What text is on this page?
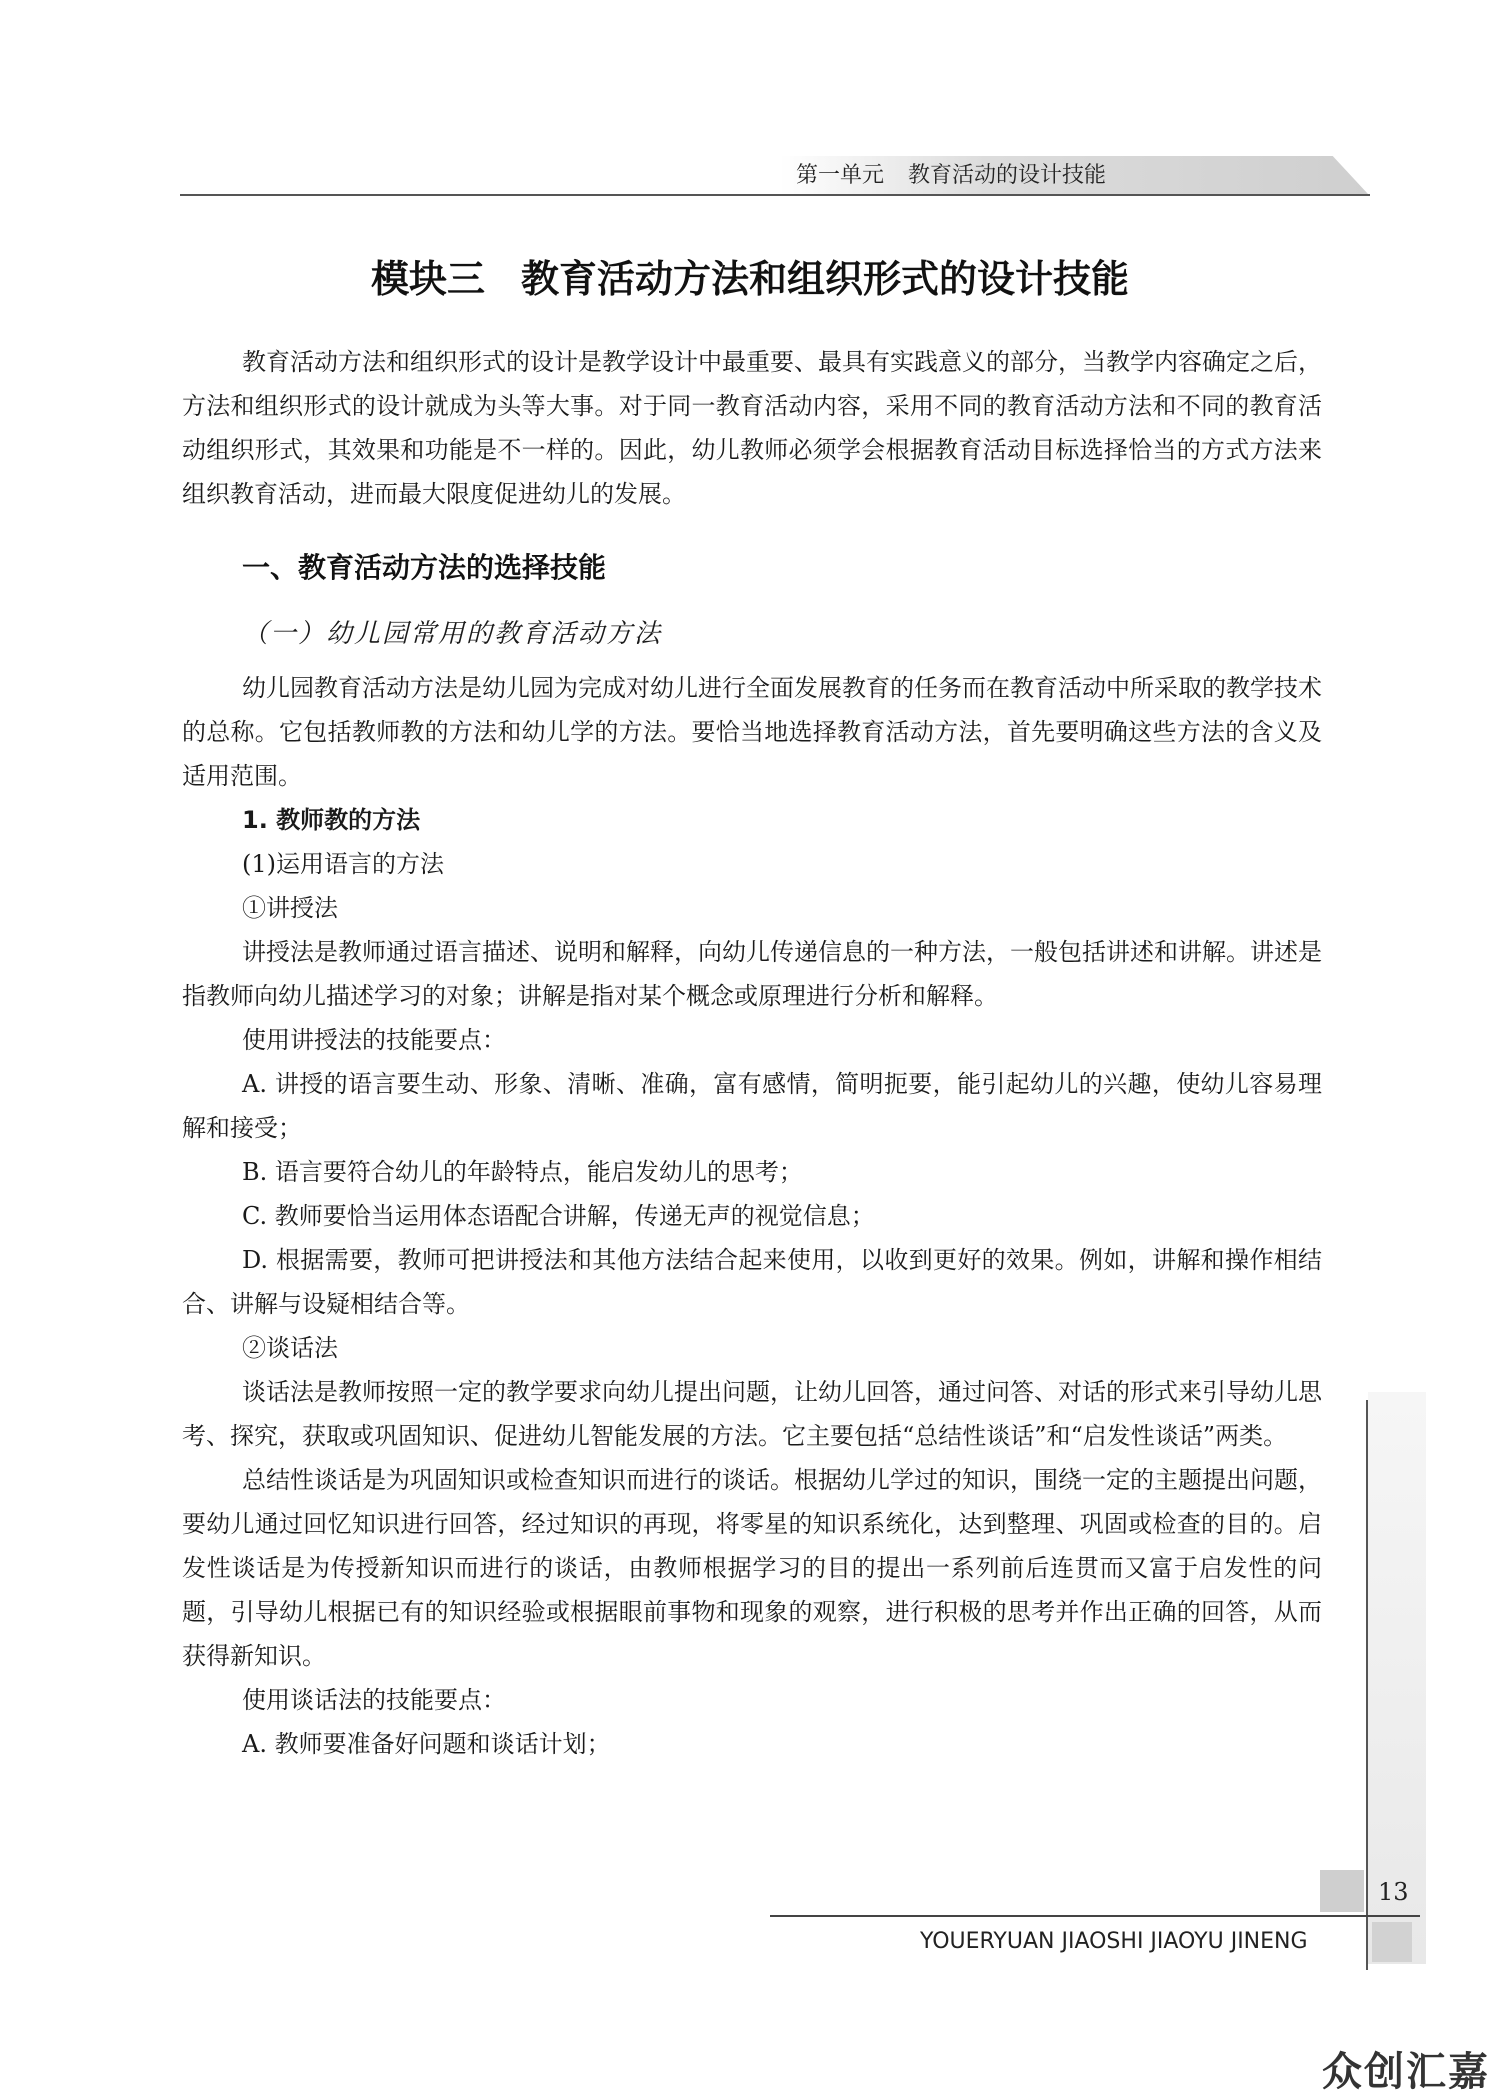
第一单元 教育活动的设计技能
模块三 教育活动方法和组织形式的设计技能

教育活动方法和组织形式的设计是教学设计中最重要、最具有实践意义的部分，当教学内容确定之后，方法和组织形式的设计就成为头等大事。对于同一教育活动内容，采用不同的教育活动方法和不同的教育活动组织形式，其效果和功能是不一样的。因此，幼儿教师必须学会根据教育活动目标选择恰当的方式方法来组织教育活动，进而最大限度促进幼儿的发展。

一、教育活动方法的选择技能
（一）幼儿园常用的教育活动方法

幼儿园教育活动方法是幼儿园为完成对幼儿进行全面发展教育的任务而在教育活动中所采取的教学技术的总称。它包括教师教的方法和幼儿学的方法。要恰当地选择教育活动方法，首先要明确这些方法的含义及适用范围。

1. 教师教的方法

(1)运用语言的方法

①讲授法

讲授法是教师通过语言描述、说明和解释，向幼儿传递信息的一种方法，一般包括讲述和讲解。讲述是指教师向幼儿描述学习的对象；讲解是指对某个概念或原理进行分析和解释。

使用讲授法的技能要点：

A. 讲授的语言要生动、形象、清晰、准确，富有感情，简明扼要，能引起幼儿的兴趣，使幼儿容易理解和接受；

B. 语言要符合幼儿的年龄特点，能启发幼儿的思考；

C. 教师要恰当运用体态语配合讲解，传递无声的视觉信息；

D. 根据需要，教师可把讲授法和其他方法结合起来使用，以收到更好的效果。例如，讲解和操作相结合、讲解与设疑相结合等。

②谈话法

谈话法是教师按照一定的教学要求向幼儿提出问题，让幼儿回答，通过问答、对话的形式来引导幼儿思考、探究，获取或巩固知识、促进幼儿智能发展的方法。它主要包括“总结性谈话”和“启发性谈话”两类。

总结性谈话是为巩固知识或检查知识而进行的谈话。根据幼儿学过的知识，围绕一定的主题提出问题，要幼儿通过回忆知识进行回答，经过知识的再现，将零星的知识系统化，达到整理、巩固或检查的目的。启发性谈话是为传授新知识而进行的谈话，由教师根据学习的目的提出一系列前后连贯而又富于启发性的问题，引导幼儿根据已有的知识经验或根据眼前事物和现象的观察，进行积极的思考并作出正确的回答，从而获得新知识。

使用谈话法的技能要点：

A. 教师要准备好问题和谈话计划；

13
YOUERYUAN JIAOSHI JIAOYU JINENG
众创汇嘉
